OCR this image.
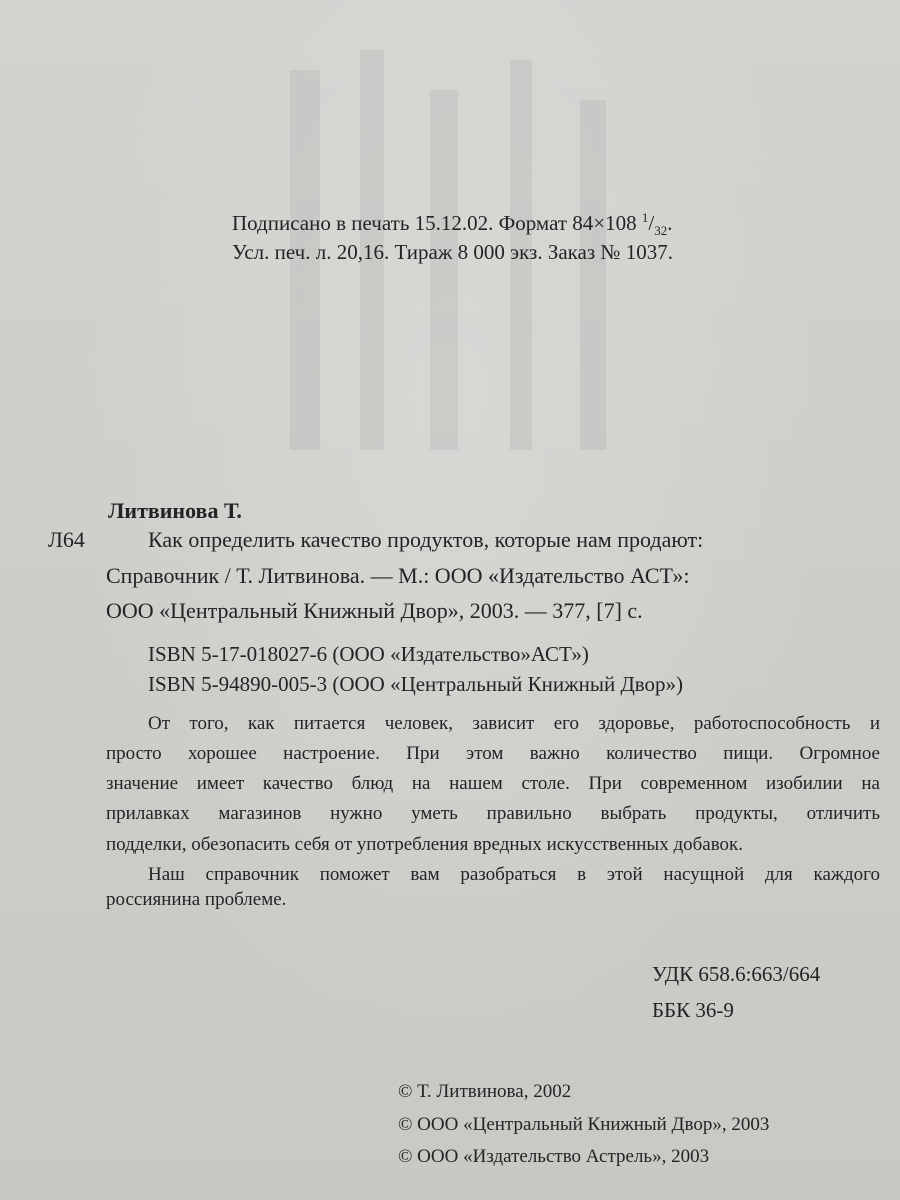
Подписано в печать 15.12.02. Формат 84×108 $^1/_{32}$.
Усл. печ. л. 20,16. Тираж 8 000 экз. Заказ № 1037.
Литвинова Т.
Л64	Как определить качество продуктов, которые нам продают:
Справочник / Т. Литвинова. — М.: ООО «Издательство АСТ»:
ООО «Центральный Книжный Двор», 2003. — 377, [7] с.
ISBN 5-17-018027-6 (ООО «Издательство»АСТ»)
ISBN 5-94890-005-3 (ООО «Центральный Книжный Двор»)
От того, как питается человек, зависит его здоровье, работоспособность и
просто хорошее настроение. При этом важно количество пищи. Огромное
значение имеет качество блюд на нашем столе. При современном изобилии на
прилавках магазинов нужно уметь правильно выбрать продукты, отличить
подделки, обезопасить себя от употребления вредных искусственных добавок.
Наш справочник поможет вам разобраться в этой насущной для каждого
россиянина проблеме.
УДК 658.6:663/664
ББК 36-9
© Т. Литвинова, 2002
© ООО «Центральный Книжный Двор», 2003
© ООО «Издательство Астрель», 2003
